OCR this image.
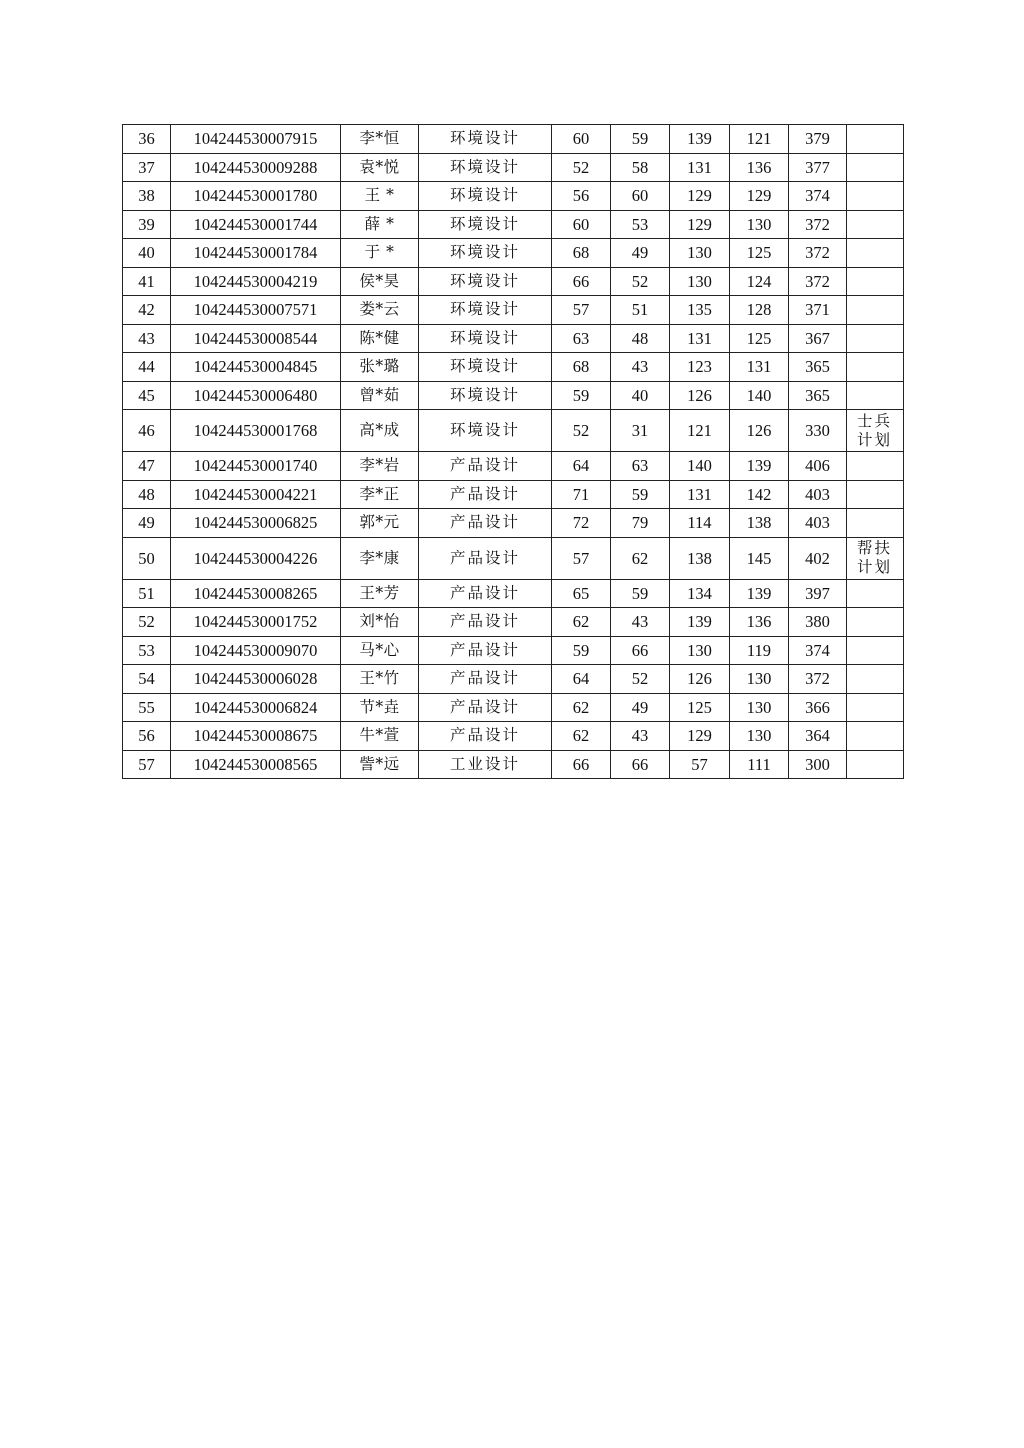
36	104244530007915	李*恒	环境设计	60	59	139	121	379	
37	104244530009288	袁*悦	环境设计	52	58	131	136	377	
38	104244530001780	王 *	环境设计	56	60	129	129	374	
39	104244530001744	薛 *	环境设计	60	53	129	130	372	
40	104244530001784	于 *	环境设计	68	49	130	125	372	
41	104244530004219	侯*昊	环境设计	66	52	130	124	372	
42	104244530007571	娄*云	环境设计	57	51	135	128	371	
43	104244530008544	陈*健	环境设计	63	48	131	125	367	
44	104244530004845	张*璐	环境设计	68	43	123	131	365	
45	104244530006480	曾*茹	环境设计	59	40	126	140	365	
46	104244530001768	高*成	环境设计	52	31	121	126	330	士兵计划
47	104244530001740	李*岩	产品设计	64	63	140	139	406	
48	104244530004221	李*正	产品设计	71	59	131	142	403	
49	104244530006825	郭*元	产品设计	72	79	114	138	403	
50	104244530004226	李*康	产品设计	57	62	138	145	402	帮扶计划
51	104244530008265	王*芳	产品设计	65	59	134	139	397	
52	104244530001752	刘*怡	产品设计	62	43	139	136	380	
53	104244530009070	马*心	产品设计	59	66	130	119	374	
54	104244530006028	王*竹	产品设计	64	52	126	130	372	
55	104244530006824	节*垚	产品设计	62	49	125	130	366	
56	104244530008675	牛*萱	产品设计	62	43	129	130	364	
57	104244530008565	訾*远	工业设计	66	66	57	111	300	
